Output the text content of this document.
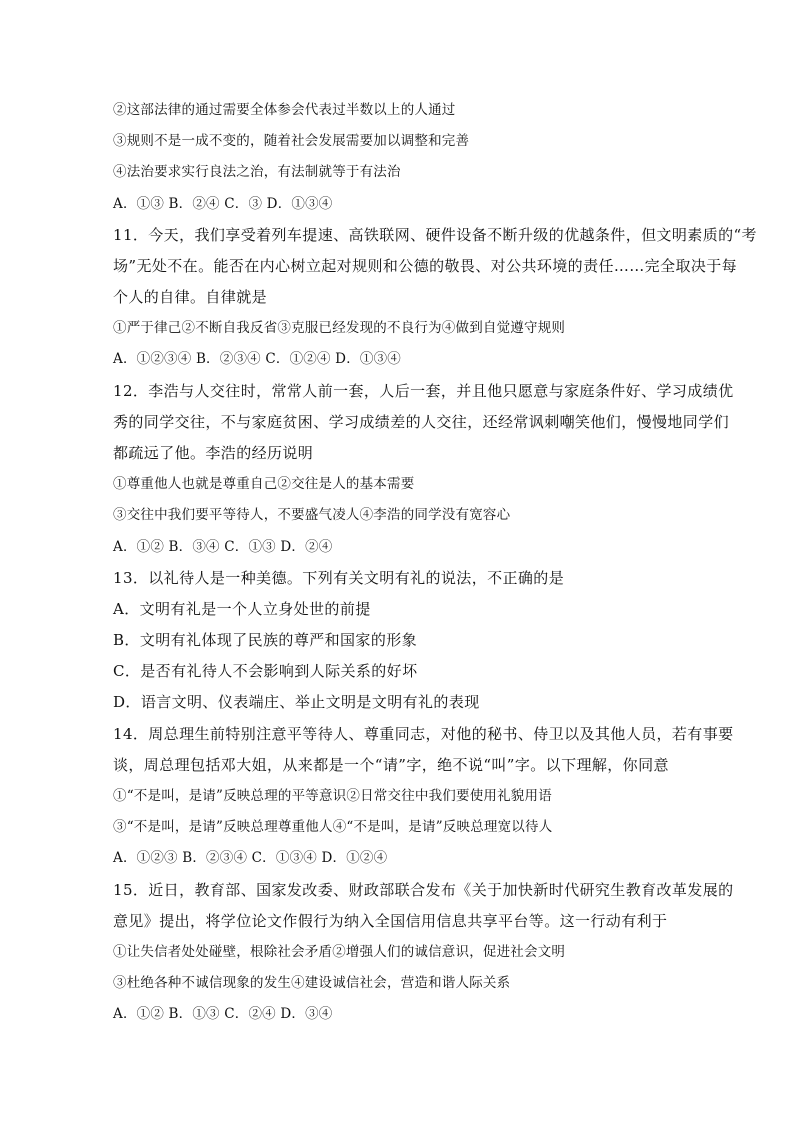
②这部法律的通过需要全体参会代表过半数以上的人通过
③规则不是一成不变的，随着社会发展需要加以调整和完善
④法治要求实行良法之治，有法制就等于有法治
A．①③ B．②④ C．③ D．①③④
11．今天，我们享受着列车提速、高铁联网、硬件设备不断升级的优越条件，但文明素质的“考
场”无处不在。能否在内心树立起对规则和公德的敬畏、对公共环境的责任……完全取决于每
个人的自律。自律就是
①严于律己②不断自我反省③克服已经发现的不良行为④做到自觉遵守规则
A．①②③④ B．②③④ C．①②④ D．①③④
12．李浩与人交往时，常常人前一套，人后一套，并且他只愿意与家庭条件好、学习成绩优
秀的同学交往，不与家庭贫困、学习成绩差的人交往，还经常讽刺嘲笑他们，慢慢地同学们
都疏远了他。李浩的经历说明
①尊重他人也就是尊重自己②交往是人的基本需要
③交往中我们要平等待人，不要盛气凌人④李浩的同学没有宽容心
A．①② B．③④ C．①③ D．②④
13．以礼待人是一种美德。下列有关文明有礼的说法，不正确的是
A．文明有礼是一个人立身处世的前提
B．文明有礼体现了民族的尊严和国家的形象
C．是否有礼待人不会影响到人际关系的好坏
D．语言文明、仪表端庄、举止文明是文明有礼的表现
14．周总理生前特别注意平等待人、尊重同志，对他的秘书、侍卫以及其他人员，若有事要
谈，周总理包括邓大姐，从来都是一个“请”字，绝不说“叫”字。以下理解，你同意
①“不是叫，是请”反映总理的平等意识②日常交往中我们要使用礼貌用语
③“不是叫，是请”反映总理尊重他人④“不是叫，是请”反映总理宽以待人
A．①②③ B．②③④ C．①③④ D．①②④
15．近日，教育部、国家发改委、财政部联合发布《关于加快新时代研究生教育改革发展的
意见》提出，将学位论文作假行为纳入全国信用信息共享平台等。这一行动有利于
①让失信者处处碰壁，根除社会矛盾②增强人们的诚信意识，促进社会文明
③杜绝各种不诚信现象的发生④建设诚信社会，营造和谐人际关系
A．①② B．①③ C．②④ D．③④
